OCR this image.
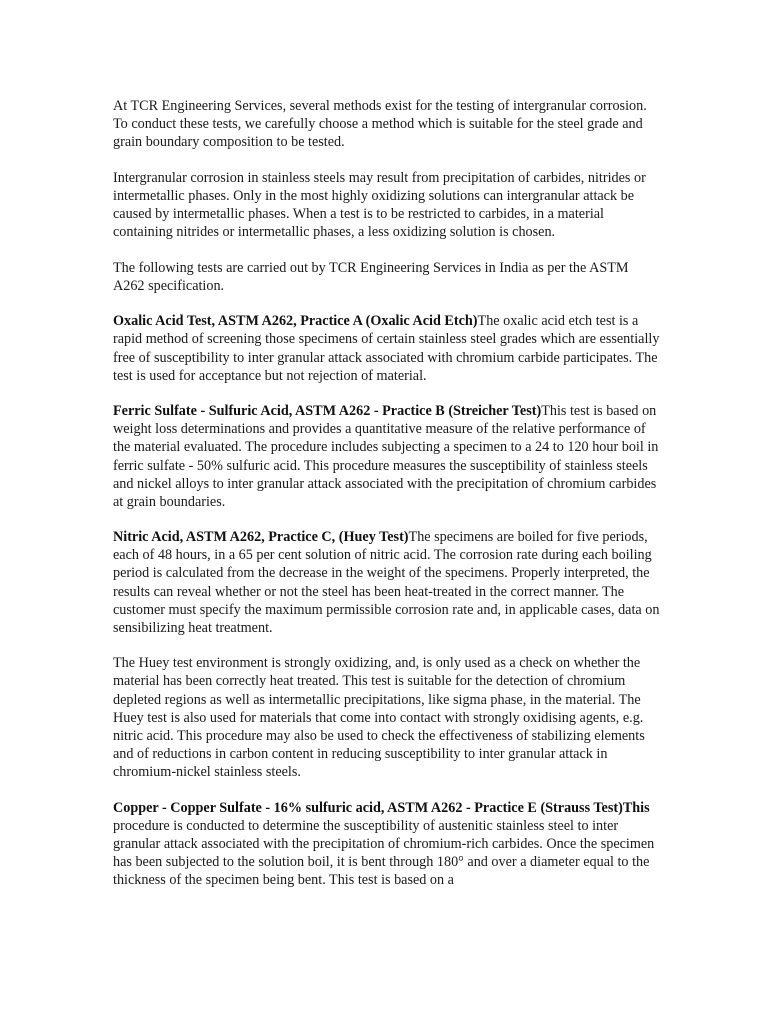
At TCR Engineering Services, several methods exist for the testing of intergranular corrosion. To conduct these tests, we carefully choose a method which is suitable for the steel grade and grain boundary composition to be tested.

Intergranular corrosion in stainless steels may result from precipitation of carbides, nitrides or intermetallic phases. Only in the most highly oxidizing solutions can intergranular attack be caused by intermetallic phases. When a test is to be restricted to carbides, in a material containing nitrides or intermetallic phases, a less oxidizing solution is chosen.

The following tests are carried out by TCR Engineering Services in India as per the ASTM A262 specification.

Oxalic Acid Test, ASTM A262, Practice A (Oxalic Acid Etch)The oxalic acid etch test is a rapid method of screening those specimens of certain stainless steel grades which are essentially free of susceptibility to inter granular attack associated with chromium carbide participates. The test is used for acceptance but not rejection of material.

Ferric Sulfate - Sulfuric Acid, ASTM A262 - Practice B (Streicher Test)This test is based on weight loss determinations and provides a quantitative measure of the relative performance of the material evaluated. The procedure includes subjecting a specimen to a 24 to 120 hour boil in ferric sulfate - 50% sulfuric acid. This procedure measures the susceptibility of stainless steels and nickel alloys to inter granular attack associated with the precipitation of chromium carbides at grain boundaries.

Nitric Acid, ASTM A262, Practice C, (Huey Test)The specimens are boiled for five periods, each of 48 hours, in a 65 per cent solution of nitric acid. The corrosion rate during each boiling period is calculated from the decrease in the weight of the specimens. Properly interpreted, the results can reveal whether or not the steel has been heat-treated in the correct manner. The customer must specify the maximum permissible corrosion rate and, in applicable cases, data on sensibilizing heat treatment.

The Huey test environment is strongly oxidizing, and, is only used as a check on whether the material has been correctly heat treated. This test is suitable for the detection of chromium depleted regions as well as intermetallic precipitations, like sigma phase, in the material. The Huey test is also used for materials that come into contact with strongly oxidising agents, e.g. nitric acid. This procedure may also be used to check the effectiveness of stabilizing elements and of reductions in carbon content in reducing susceptibility to inter granular attack in chromium-nickel stainless steels.

Copper - Copper Sulfate - 16% sulfuric acid, ASTM A262 - Practice E (Strauss Test)This procedure is conducted to determine the susceptibility of austenitic stainless steel to inter granular attack associated with the precipitation of chromium-rich carbides. Once the specimen has been subjected to the solution boil, it is bent through 180° and over a diameter equal to the thickness of the specimen being bent. This test is based on a
